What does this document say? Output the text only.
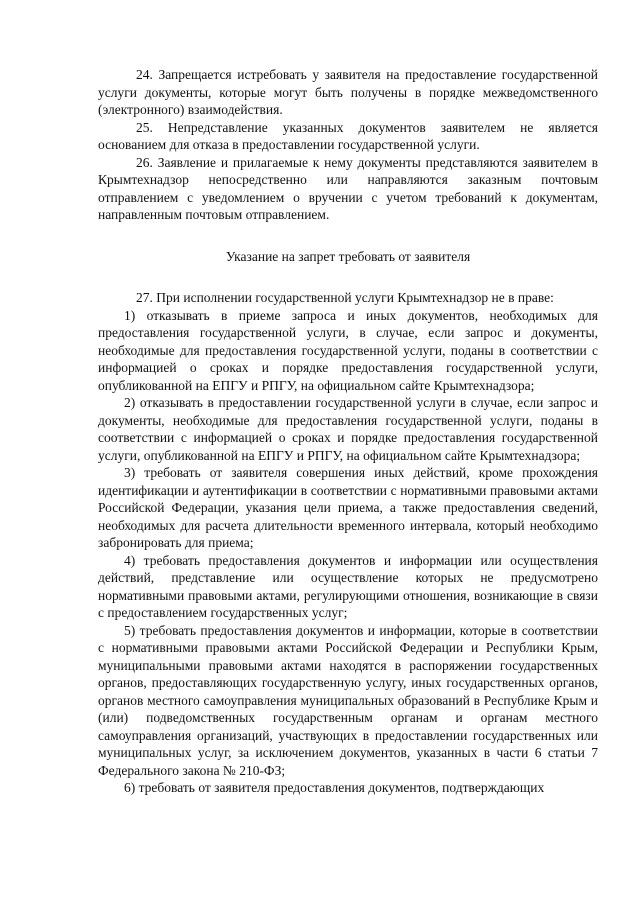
24. Запрещается истребовать у заявителя на предоставление государственной услуги документы, которые могут быть получены в порядке межведомственного (электронного) взаимодействия.

25. Непредставление указанных документов заявителем не является основанием для отказа в предоставлении государственной услуги.

26. Заявление и прилагаемые к нему документы представляются заявителем в Крымтехнадзор непосредственно или направляются заказным почтовым отправлением с уведомлением о вручении с учетом требований к документам, направленным почтовым отправлением.

Указание на запрет требовать от заявителя

27. При исполнении государственной услуги Крымтехнадзор не в праве:

1) отказывать в приеме запроса и иных документов, необходимых для предоставления государственной услуги, в случае, если запрос и документы, необходимые для предоставления государственной услуги, поданы в соответствии с информацией о сроках и порядке предоставления государственной услуги, опубликованной на ЕПГУ и РПГУ, на официальном сайте Крымтехнадзора;

2) отказывать в предоставлении государственной услуги в случае, если запрос и документы, необходимые для предоставления государственной услуги, поданы в соответствии с информацией о сроках и порядке предоставления государственной услуги, опубликованной на ЕПГУ и РПГУ, на официальном сайте Крымтехнадзора;

3) требовать от заявителя совершения иных действий, кроме прохождения идентификации и аутентификации в соответствии с нормативными правовыми актами Российской Федерации, указания цели приема, а также предоставления сведений, необходимых для расчета длительности временного интервала, который необходимо забронировать для приема;

4) требовать предоставления документов и информации или осуществления действий, представление или осуществление которых не предусмотрено нормативными правовыми актами, регулирующими отношения, возникающие в связи с предоставлением государственных услуг;

5) требовать предоставления документов и информации, которые в соответствии с нормативными правовыми актами Российской Федерации и Республики Крым, муниципальными правовыми актами находятся в распоряжении государственных органов, предоставляющих государственную услугу, иных государственных органов, органов местного самоуправления муниципальных образований в Республике Крым и (или) подведомственных государственным органам и органам местного самоуправления организаций, участвующих в предоставлении государственных или муниципальных услуг, за исключением документов, указанных в части 6 статьи 7 Федерального закона № 210-ФЗ;

6) требовать от заявителя предоставления документов, подтверждающих
